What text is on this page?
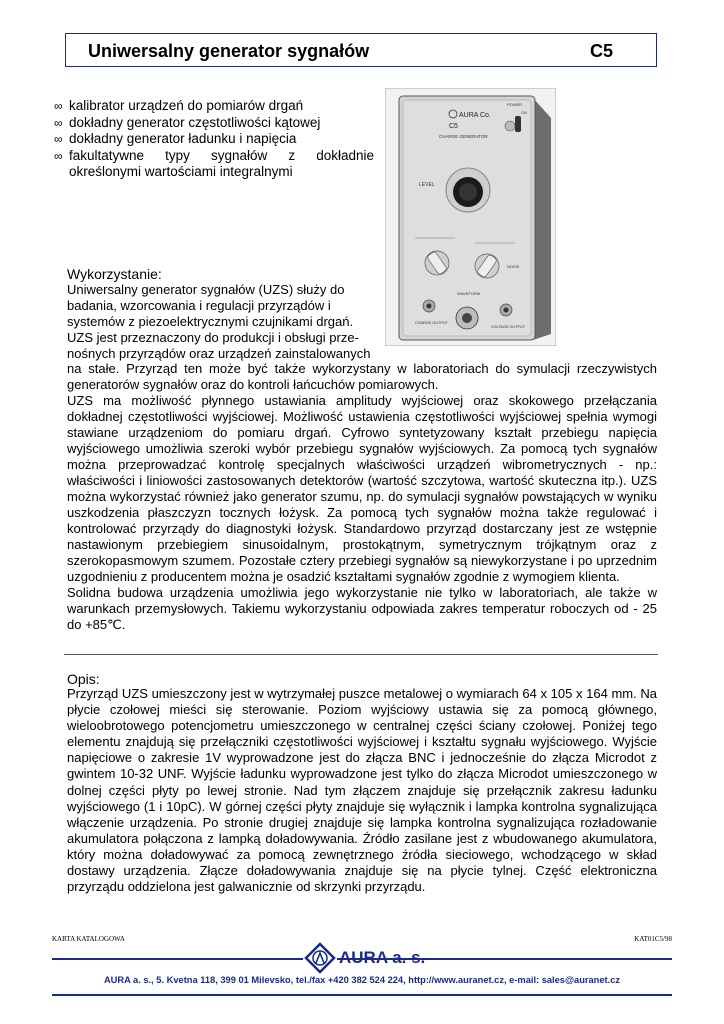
Uniwersalny generator sygnałów	C5
∞ kalibrator urządzeń do pomiarów drgań
∞ dokładny generator częstotliwości kątowej
∞ dokładny generator ładunku i napięcia
∞ fakultatywne typy sygnałów z dokładnie określonymi wartościami integralnymi
AURA Co.
C5
CHARGE GENERATOR
POWER
ON
LEVEL
NOISE
WAVEFORM
CHARGE OUTPUT
VOLTAGE OUTPUT
Wykorzystanie:
Uniwersalny generator sygnałów (UZS) służy do
badania, wzorcowania i regulacji przyrządów i
systemów z piezoelektrycznymi czujnikami drgań.
UZS jest przeznaczony do produkcji i obsługi prze-
nośnych przyrządów oraz urządzeń zainstalowanych

na stałe. Przyrząd ten może być także wykorzystany w laboratoriach do symulacji rzeczywistych generatorów sygnałów oraz do kontroli łańcuchów pomiarowych.

UZS ma możliwość płynnego ustawiania amplitudy wyjściowej oraz skokowego przełączania dokładnej częstotliwości wyjściowej. Możliwość ustawienia częstotliwości wyjściowej spełnia wymogi stawiane urządzeniom do pomiaru drgań. Cyfrowo syntetyzowany kształt przebiegu napięcia wyjściowego umożliwia szeroki wybór przebiegu sygnałów wyjściowych. Za pomocą tych sygnałów można przeprowadzać kontrolę specjalnych właściwości urządzeń wibrometrycznych - np.: właściwości i liniowości zastosowanych detektorów (wartość szczytowa, wartość skuteczna itp.). UZS można wykorzystać również jako generator szumu, np. do symulacji sygnałów powstających w wyniku uszkodzenia płaszczyzn tocznych łożysk. Za pomocą tych sygnałów można także regulować i kontrolować przyrządy do diagnostyki łożysk. Standardowo przyrząd dostarczany jest ze wstępnie nastawionym przebiegiem sinusoidalnym, prostokątnym, symetrycznym trójkątnym oraz z szerokopasmowym szumem. Pozostałe cztery przebiegi sygnałów są niewykorzystane i po uprzednim uzgodnieniu z producentem można je osadzić kształtami sygnałów zgodnie z wymogiem klienta.

Solidna budowa urządzenia umożliwia jego wykorzystanie nie tylko w laboratoriach, ale także w warunkach przemysłowych. Takiemu wykorzystaniu odpowiada zakres temperatur roboczych od - 25 do +85℃.

Opis:

Przyrząd UZS umieszczony jest w wytrzymałej puszce metalowej o wymiarach 64 x 105 x 164 mm. Na płycie czołowej mieści się sterowanie. Poziom wyjściowy ustawia się za pomocą głównego, wieloobrotowego potencjometru umieszczonego w centralnej części ściany czołowej. Poniżej tego elementu znajdują się przełączniki częstotliwości wyjściowej i kształtu sygnału wyjściowego. Wyjście napięciowe o zakresie 1V wyprowadzone jest do złącza BNC i jednocześnie do złącza Microdot z gwintem 10-32 UNF. Wyjście ładunku wyprowadzone jest tylko do złącza Microdot umieszczonego w dolnej części płyty po lewej stronie. Nad tym złączem znajduje się przełącznik zakresu ładunku wyjściowego (1 i 10pC). W górnej części płyty znajduje się wyłącznik i lampka kontrolna sygnalizująca włączenie urządzenia. Po stronie drugiej znajduje się lampka kontrolna sygnalizująca rozładowanie akumulatora połączona z lampką doładowywania. Źródło zasilane jest z wbudowanego akumulatora, który można doładowywać za pomocą zewnętrznego źródła sieciowego, wchodzącego w skład dostawy urządzenia. Złącze doładowywania znajduje się na płycie tylnej. Część elektroniczna przyrządu oddzielona jest galwanicznie od skrzynki przyrządu.

KARTA KATALOGOWA	KAT01C5/98
AURA a. s.
AURA a. s., 5. Kvetna 118, 399 01 Milevsko, tel./fax +420 382 524 224, http://www.auranet.cz, e-mail: sales@auranet.cz
